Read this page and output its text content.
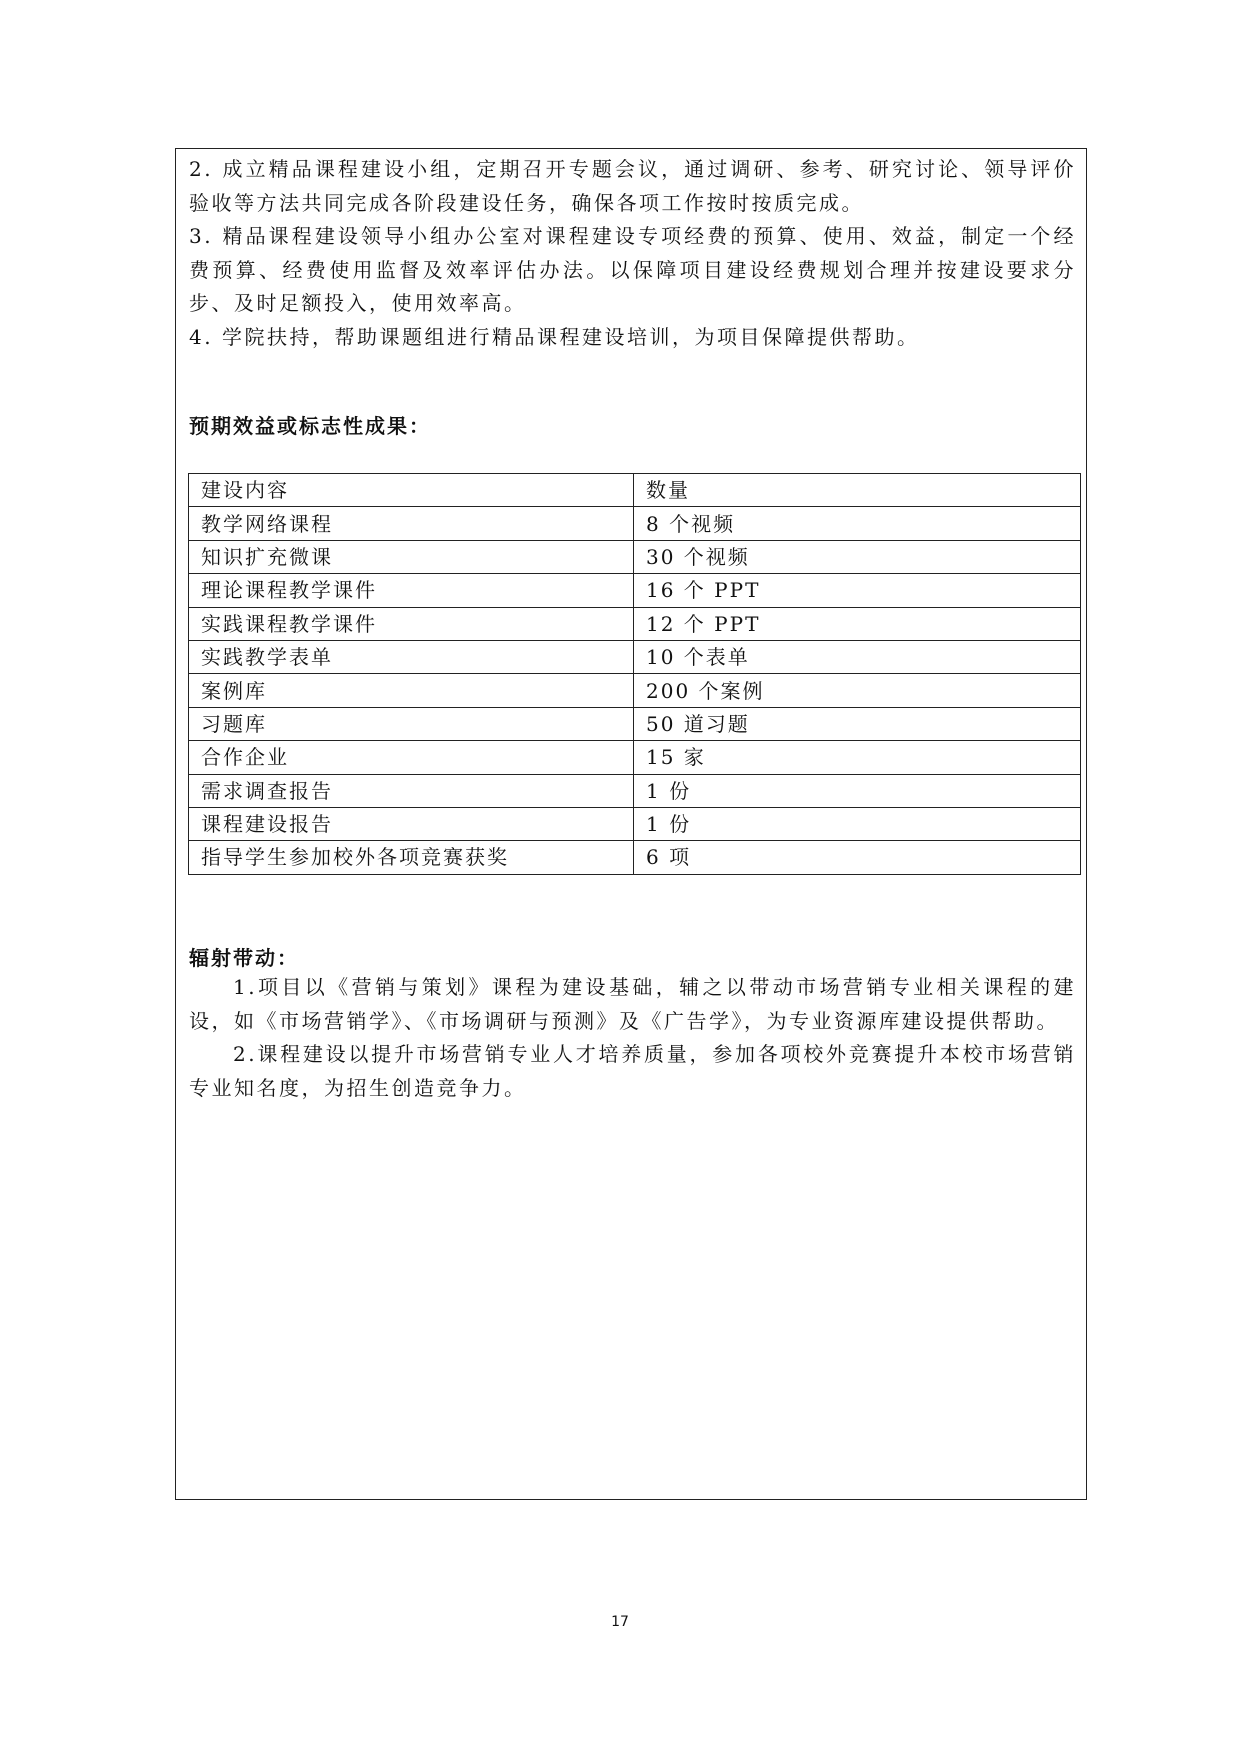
2. 成立精品课程建设小组，定期召开专题会议，通过调研、参考、研究讨论、领导评价验收等方法共同完成各阶段建设任务，确保各项工作按时按质完成。

3. 精品课程建设领导小组办公室对课程建设专项经费的预算、使用、效益，制定一个经费预算、经费使用监督及效率评估办法。以保障项目建设经费规划合理并按建设要求分步、及时足额投入，使用效率高。

4. 学院扶持，帮助课题组进行精品课程建设培训，为项目保障提供帮助。

预期效益或标志性成果：
建设内容	数量
教学网络课程	8 个视频
知识扩充微课	30 个视频
理论课程教学课件	16 个 PPT
实践课程教学课件	12 个 PPT
实践教学表单	10 个表单
案例库	200 个案例
习题库	50 道习题
合作企业	15 家
需求调查报告	1 份
课程建设报告	1 份
指导学生参加校外各项竞赛获奖	6 项
辐射带动：

1.项目以《营销与策划》课程为建设基础，辅之以带动市场营销专业相关课程的建设，如《市场营销学》、《市场调研与预测》及《广告学》，为专业资源库建设提供帮助。

2.课程建设以提升市场营销专业人才培养质量，参加各项校外竞赛提升本校市场营销专业知名度，为招生创造竞争力。

17
